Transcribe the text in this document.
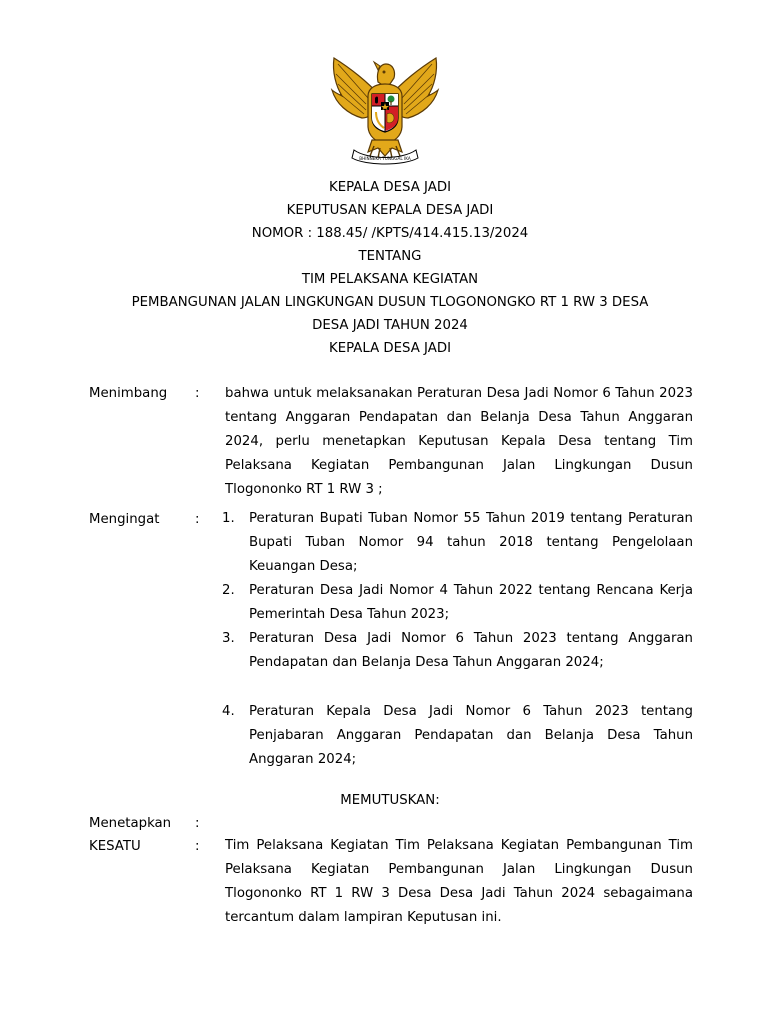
BHINNEKA TUNGGAL IKA
KEPALA DESA JADI
KEPUTUSAN KEPALA DESA JADI
NOMOR : 188.45/ /KPTS/414.415.13/2024
TENTANG
TIM PELAKSANA KEGIATAN
PEMBANGUNAN JALAN LINGKUNGAN DUSUN TLOGONONGKO RT 1 RW 3 DESA
DESA JADI TAHUN 2024
KEPALA DESA JADI
Menimbang : bahwa untuk melaksanakan Peraturan Desa Jadi Nomor 6 Tahun 2023 tentang Anggaran Pendapatan dan Belanja Desa Tahun Anggaran 2024, perlu menetapkan Keputusan Kepala Desa tentang Tim Pelaksana Kegiatan Pembangunan Jalan Lingkungan Dusun Tlogononko RT 1 RW 3 ;
Mengingat	: 1. Peraturan Bupati Tuban Nomor 55 Tahun 2019 tentang Peraturan Bupati Tuban Nomor 94 tahun 2018 tentang Pengelolaan Keuangan Desa;
2. Peraturan Desa Jadi Nomor 4 Tahun 2022 tentang Rencana Kerja Pemerintah Desa Tahun 2023;
3. Peraturan Desa Jadi Nomor 6 Tahun 2023 tentang Anggaran Pendapatan dan Belanja Desa Tahun Anggaran 2024;
4. Peraturan Kepala Desa Jadi Nomor 6 Tahun 2023 tentang Penjabaran Anggaran Pendapatan dan Belanja Desa Tahun Anggaran 2024;
MEMUTUSKAN:
Menetapkan :
KESATU	: Tim Pelaksana Kegiatan Tim Pelaksana Kegiatan Pembangunan Tim Pelaksana Kegiatan Pembangunan Jalan Lingkungan Dusun Tlogononko RT 1 RW 3 Desa Desa Jadi Tahun 2024 sebagaimana tercantum dalam lampiran Keputusan ini.
